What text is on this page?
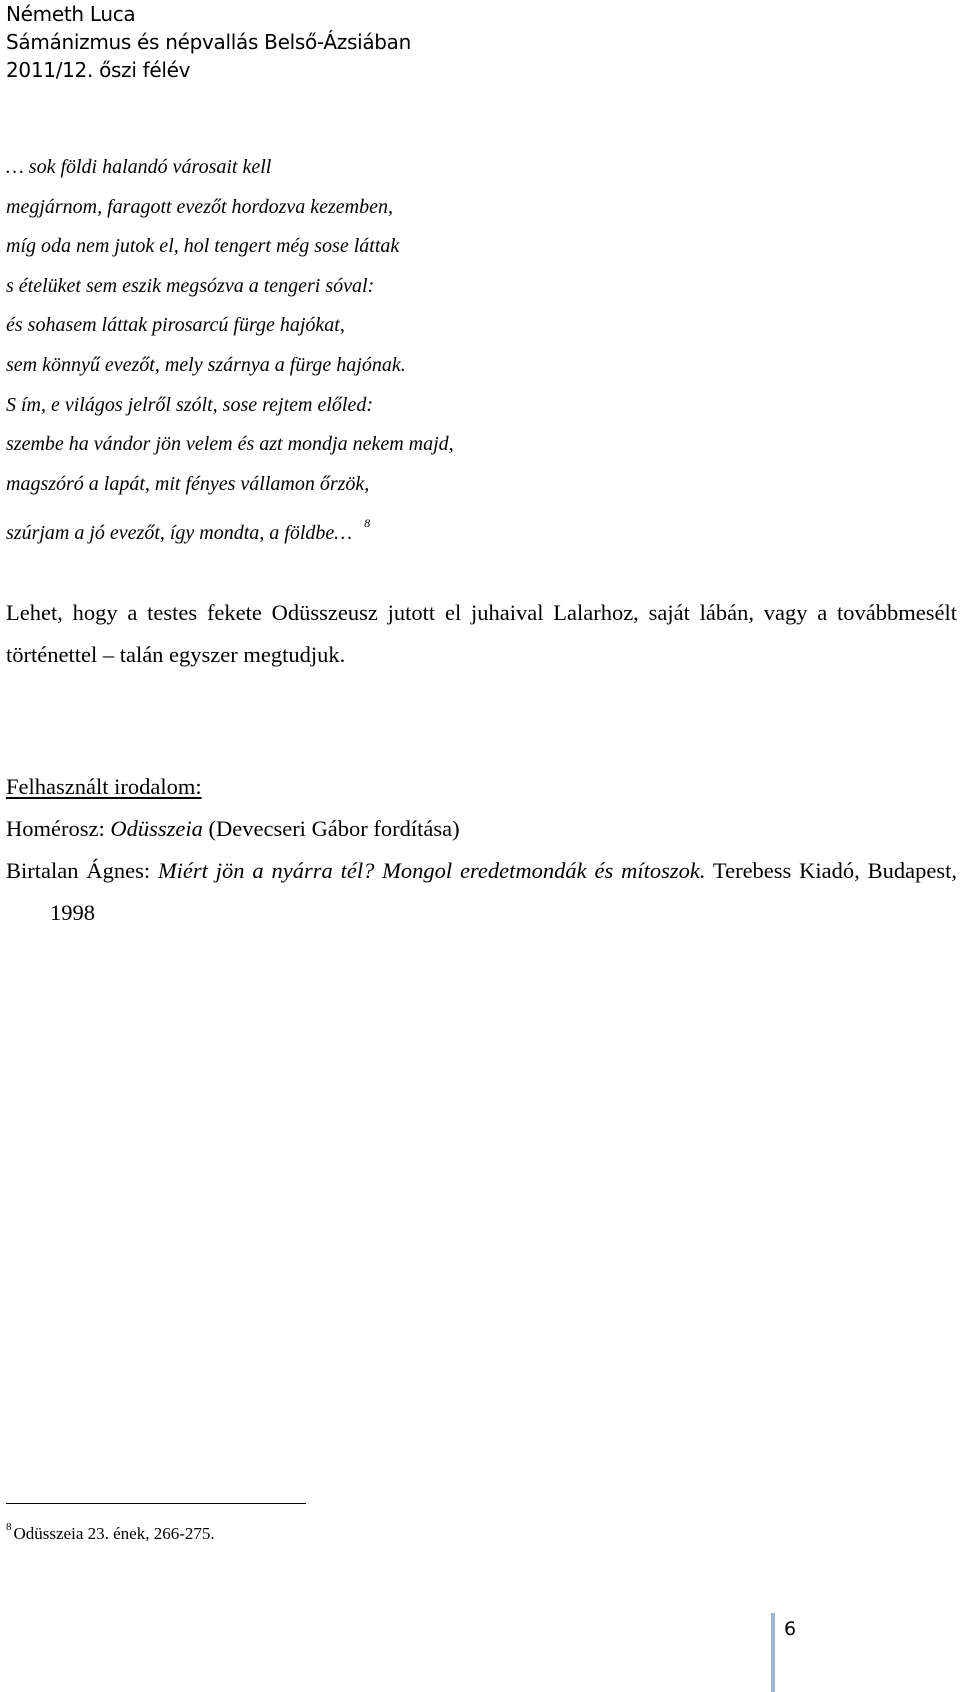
Németh Luca
Sámánizmus és népvallás Belső-Ázsiában
2011/12. őszi félév
… sok földi halandó városait kell
megjárnom, faragott evezőt hordozva kezemben,
míg oda nem jutok el, hol tengert még sose láttak
s ételüket sem eszik megsózva a tengeri sóval:
és sohasem láttak pirosarcú fürge hajókat,
sem könnyű evezőt, mely szárnya a fürge hajónak.
S ím, e világos jelről szólt, sose rejtem előled:
szembe ha vándor jön velem és azt mondja nekem majd,
magszóró a lapát, mit fényes vállamon őrzök,
szúrjam a jó evezőt, így mondta, a földbe… $^8$
Lehet, hogy a testes fekete Odüsszeusz jutott el juhaival Lalarhoz, saját lábán, vagy a továbbmesélt történettel – talán egyszer megtudjuk.
Felhasznált irodalom:
Homérosz: Odüsszeia (Devecseri Gábor fordítása)
Birtalan Ágnes: Miért jön a nyárra tél? Mongol eredetmondák és mítoszok. Terebess Kiadó, Budapest, 1998
$^8$ Odüsszeia 23. ének, 266-275.
6
